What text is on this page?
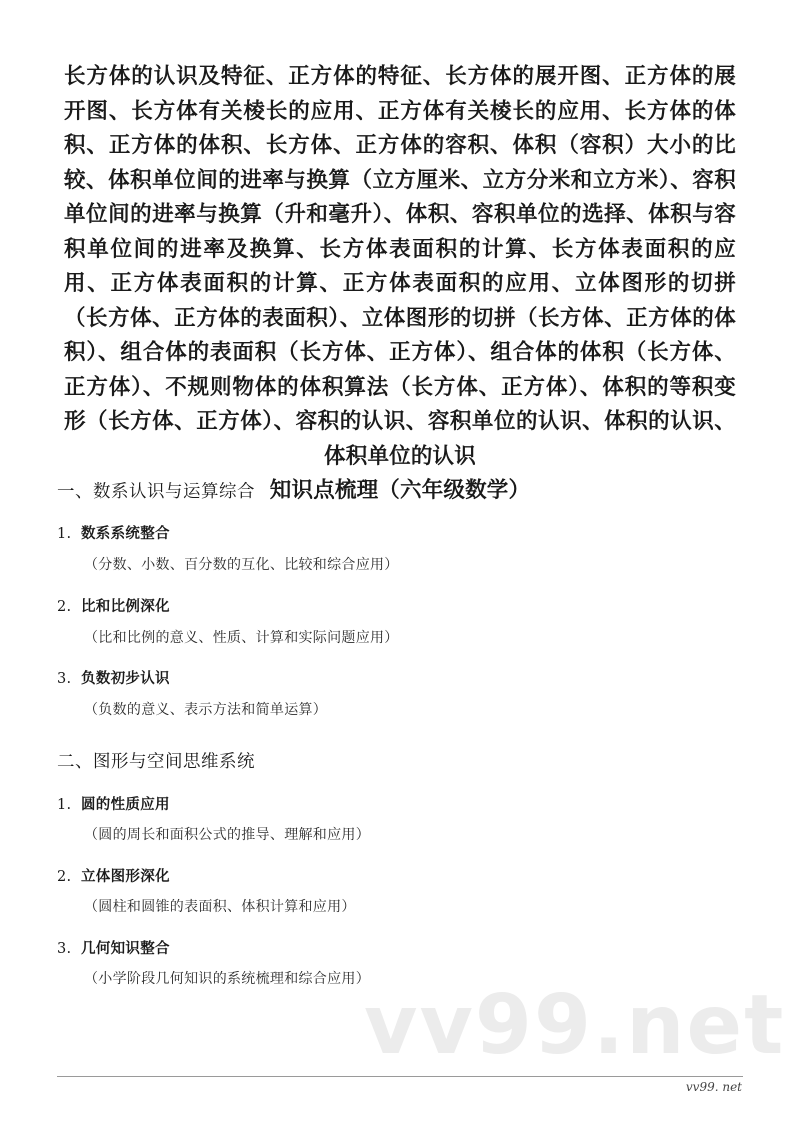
长方体的认识及特征、正方体的特征、长方体的展开图、正方体的展开图、长方体有关棱长的应用、正方体有关棱长的应用、长方体的体积、正方体的体积、长方体、正方体的容积、体积（容积）大小的比较、体积单位间的进率与换算（立方厘米、立方分米和立方米）、容积单位间的进率与换算（升和毫升）、体积、容积单位的选择、体积与容积单位间的进率及换算、长方体表面积的计算、长方体表面积的应用、正方体表面积的计算、正方体表面积的应用、立体图形的切拼（长方体、正方体的表面积）、立体图形的切拼（长方体、正方体的体积）、组合体的表面积（长方体、正方体）、组合体的体积（长方体、正方体）、不规则物体的体积算法（长方体、正方体）、体积的等积变形（长方体、正方体）、容积的认识、容积单位的认识、体积的认识、体积单位的认识
知识点梳理（六年级数学）
一、数系认识与运算综合

1. 数系系统整合

（分数、小数、百分数的互化、比较和综合应用）

2. 比和比例深化

（比和比例的意义、性质、计算和实际问题应用）

3. 负数初步认识

（负数的意义、表示方法和简单运算）

二、图形与空间思维系统

1. 圆的性质应用

（圆的周长和面积公式的推导、理解和应用）

2. 立体图形深化

（圆柱和圆锥的表面积、体积计算和应用）

3. 几何知识整合

（小学阶段几何知识的系统梳理和综合应用）

vv99.net
vv99. net
